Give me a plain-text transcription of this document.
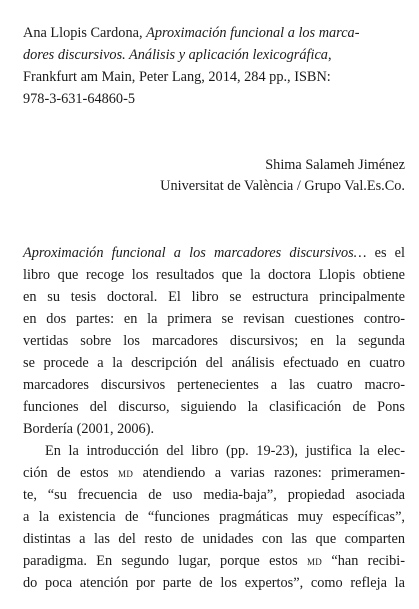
Ana Llopis Cardona, Aproximación funcional a los marca-
dores discursivos. Análisis y aplicación lexicográfica,
Frankfurt am Main, Peter Lang, 2014, 284 pp., ISBN:
978-3-631-64860-5
Shima Salameh Jiménez
Universitat de València / Grupo Val.Es.Co.
Aproximación funcional a los marcadores discursivos… es el
libro que recoge los resultados que la doctora Llopis obtiene
en su tesis doctoral. El libro se estructura principalmente
en dos partes: en la primera se revisan cuestiones contro-
vertidas sobre los marcadores discursivos; en la segunda
se procede a la descripción del análisis efectuado en cuatro
marcadores discursivos pertenecientes a las cuatro macro-
funciones del discurso, siguiendo la clasificación de Pons
Bordería (2001, 2006).
En la introducción del libro (pp. 19-23), justifica la elec-
ción de estos md atendiendo a varias razones: primeramen-
te, “su frecuencia de uso media-baja”, propiedad asociada
a la existencia de “funciones pragmáticas muy específicas”,
distintas a las del resto de unidades con las que comparten
paradigma. En segundo lugar, porque estos md “han recibi-
do poca atención por parte de los expertos”, como refleja la
